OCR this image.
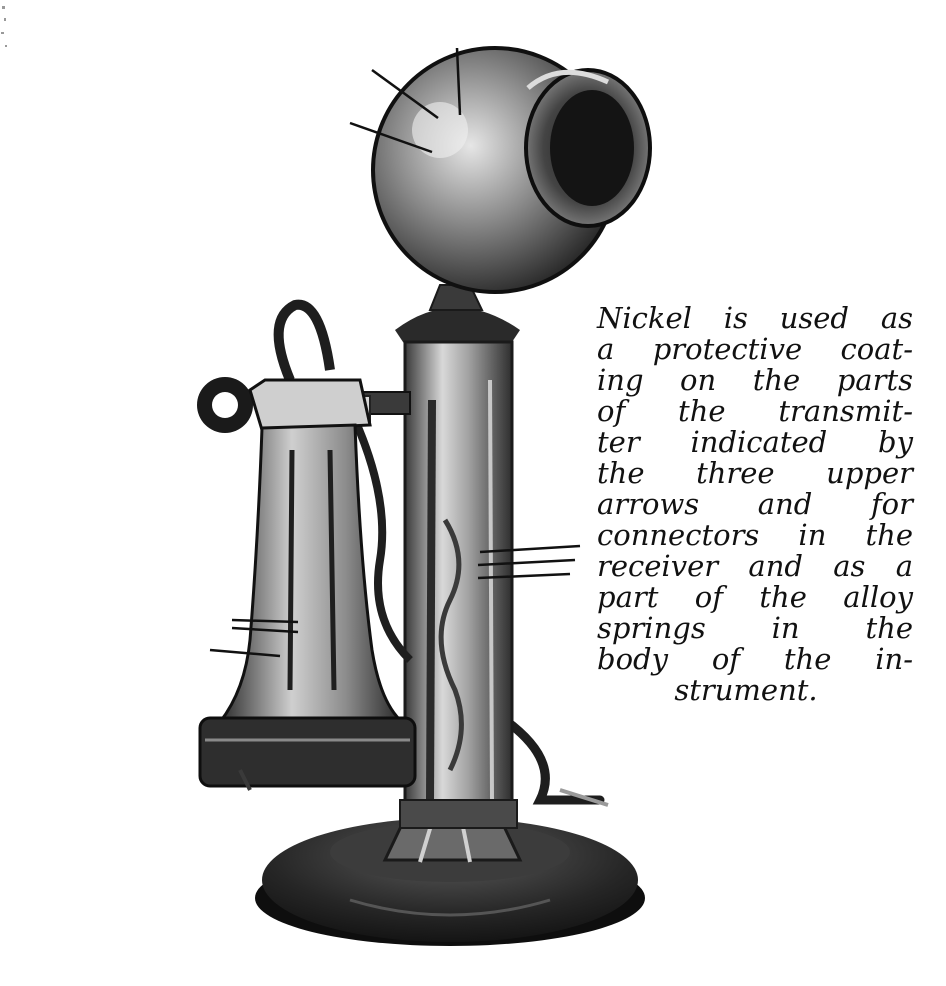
Nickel is used as
a protective coat-
ing on the parts
of the transmit-
ter indicated by
the three upper
arrows and for
connectors in the
receiver and as a
part of the alloy
springs in the
body of the in-
strument.
